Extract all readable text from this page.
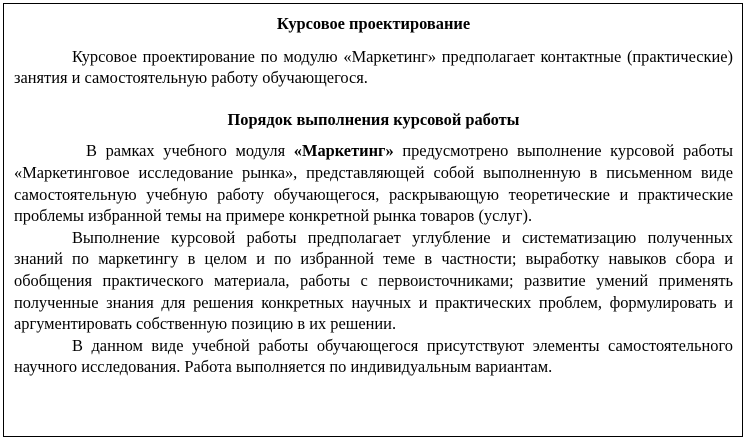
Курсовое проектирование

Курсовое проектирование по модулю «Маркетинг» предполагает контактные (практические) занятия и самостоятельную работу обучающегося.

Порядок выполнения курсовой работы

В рамках учебного модуля «Маркетинг» предусмотрено выполнение курсовой работы «Маркетинговое исследование рынка», представляющей собой выполненную в письменном виде самостоятельную учебную работу обучающегося, раскрывающую теоретические и практические проблемы избранной темы на примере конкретной рынка товаров (услуг).

Выполнение курсовой работы предполагает углубление и систематизацию полученных знаний по маркетингу в целом и по избранной теме в частности; выработку навыков сбора и обобщения практического материала, работы с первоисточниками; развитие умений применять полученные знания для решения конкретных научных и практических проблем, формулировать и аргументировать собственную позицию в их решении.

В данном виде учебной работы обучающегося присутствуют элементы самостоятельного научного исследования. Работа выполняется по индивидуальным вариантам.
